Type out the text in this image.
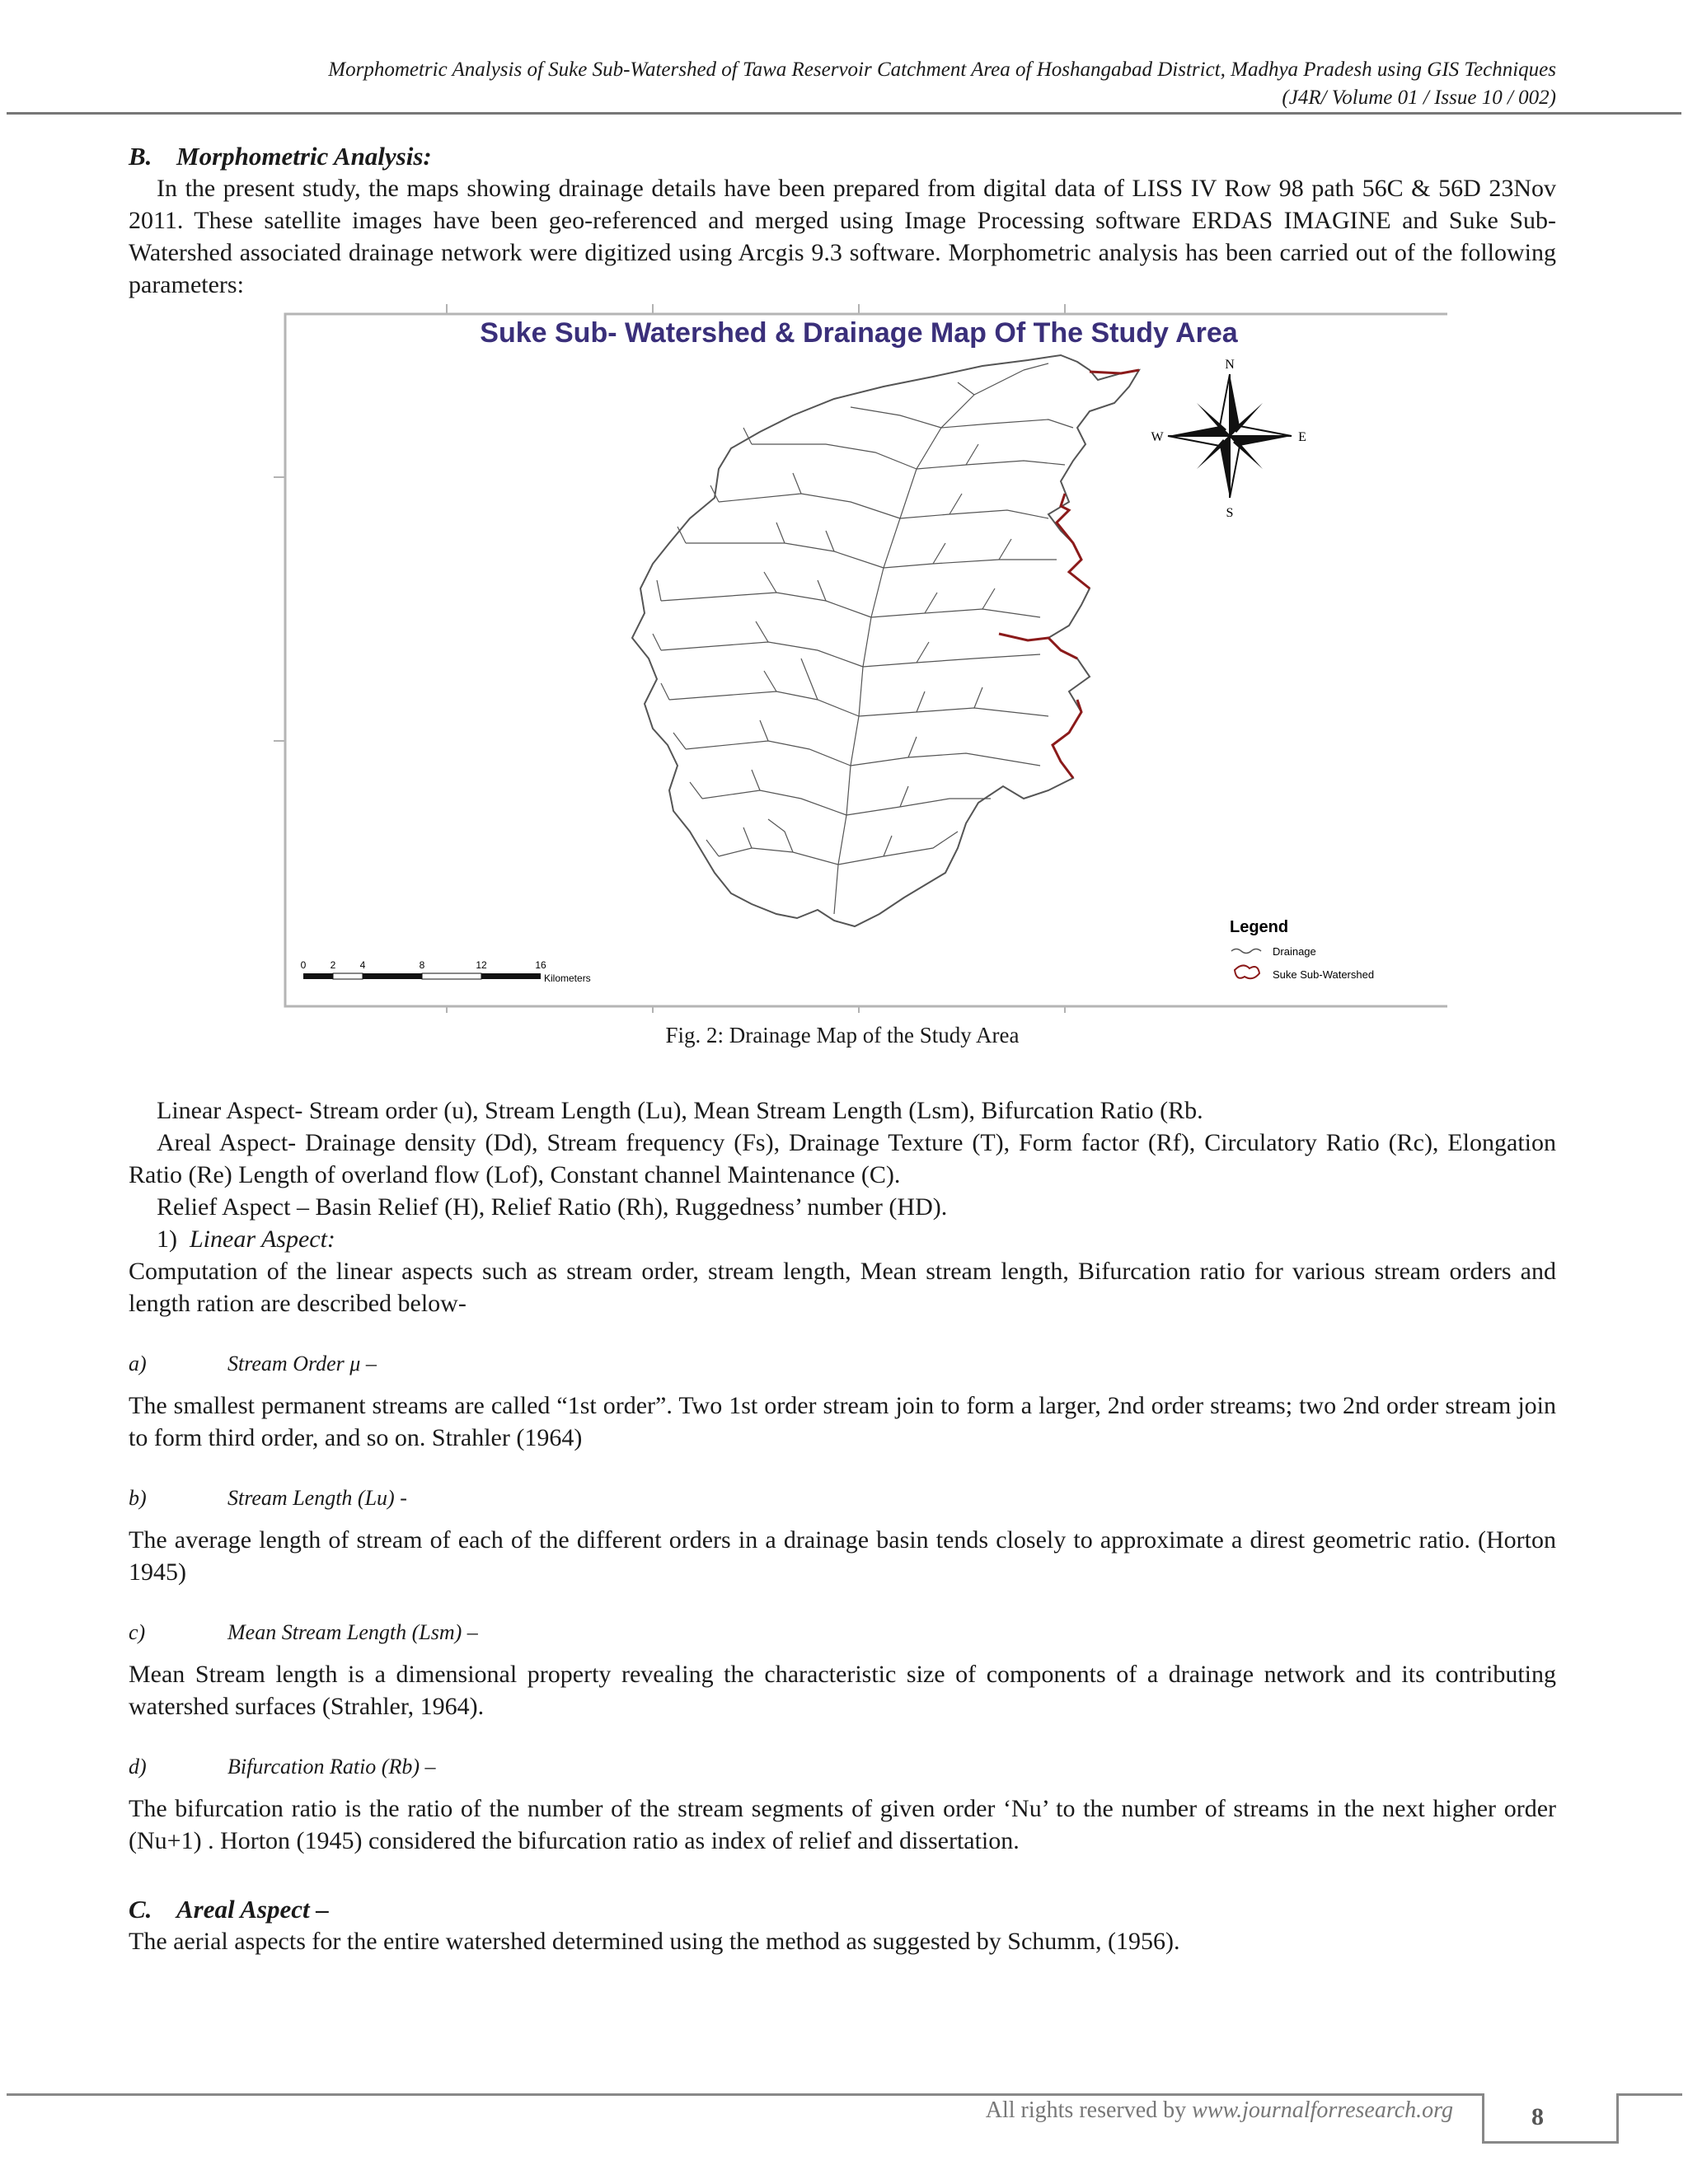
Morphometric Analysis of Suke Sub-Watershed of Tawa Reservoir Catchment Area of Hoshangabad District, Madhya Pradesh using GIS Techniques
(J4R/ Volume 01 / Issue 10 / 002)
B. Morphometric Analysis:

In the present study, the maps showing drainage details have been prepared from digital data of LISS IV Row 98 path 56C & 56D 23Nov 2011. These satellite images have been geo-referenced and merged using Image Processing software ERDAS IMAGINE and Suke Sub-Watershed associated drainage network were digitized using Arcgis 9.3 software. Morphometric analysis has been carried out of the following parameters:

Suke Sub- Watershed & Drainage Map Of The Study Area
N
S
E
W
0 2 4	8	12	16
Kilometers
Legend
Drainage
Suke Sub-Watershed
Fig. 2: Drainage Map of the Study Area

Linear Aspect- Stream order (u), Stream Length (Lu), Mean Stream Length (Lsm), Bifurcation Ratio (Rb.

Areal Aspect- Drainage density (Dd), Stream frequency (Fs), Drainage Texture (T), Form factor (Rf), Circulatory Ratio (Rc), Elongation Ratio (Re) Length of overland flow (Lof), Constant channel Maintenance (C).

Relief Aspect – Basin Relief (H), Relief Ratio (Rh), Ruggedness’ number (HD).

1) Linear Aspect:

Computation of the linear aspects such as stream order, stream length, Mean stream length, Bifurcation ratio for various stream orders and length ration are described below-

a)	Stream Order μ –

The smallest permanent streams are called “1st order”. Two 1st order stream join to form a larger, 2nd order streams; two 2nd order stream join to form third order, and so on. Strahler (1964)

b)	Stream Length (Lu) -

The average length of stream of each of the different orders in a drainage basin tends closely to approximate a direst geometric ratio. (Horton 1945)

c)	Mean Stream Length (Lsm) –

Mean Stream length is a dimensional property revealing the characteristic size of components of a drainage network and its contributing watershed surfaces (Strahler, 1964).

d)	Bifurcation Ratio (Rb) –

The bifurcation ratio is the ratio of the number of the stream segments of given order ‘Nu’ to the number of streams in the next higher order (Nu+1) . Horton (1945) considered the bifurcation ratio as index of relief and dissertation.

C. Areal Aspect –

The aerial aspects for the entire watershed determined using the method as suggested by Schumm, (1956).

All rights reserved by www.journalforresearch.org	8
